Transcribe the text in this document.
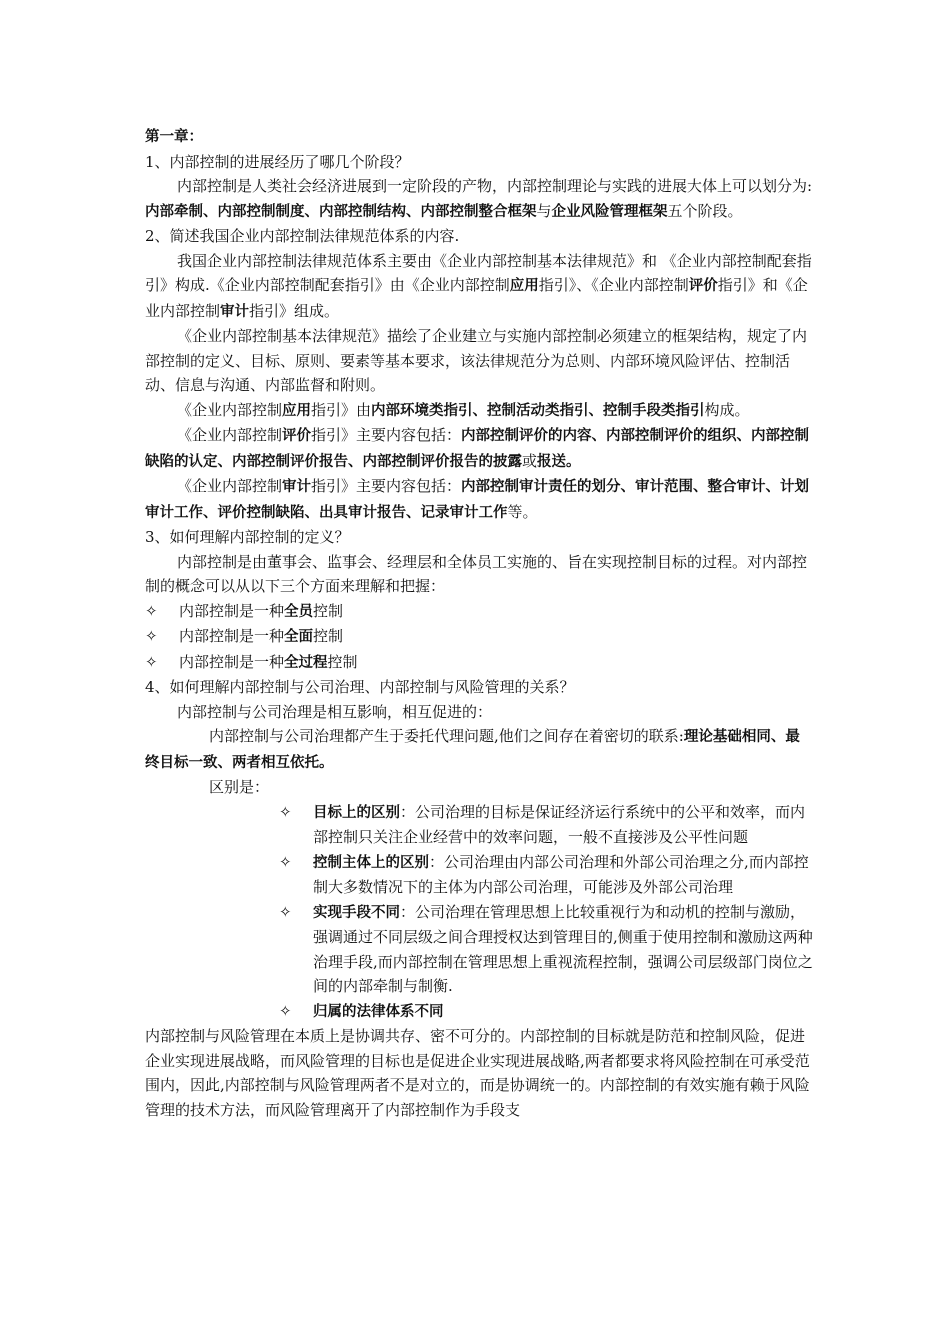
第一章：

1、内部控制的进展经历了哪几个阶段？

内部控制是人类社会经济进展到一定阶段的产物，内部控制理论与实践的进展大体上可以划分为:内部牵制、内部控制制度、内部控制结构、内部控制整合框架与企业风险管理框架五个阶段。

2、简述我国企业内部控制法律规范体系的内容.

我国企业内部控制法律规范体系主要由《企业内部控制基本法律规范》和 《企业内部控制配套指引》构成.《企业内部控制配套指引》由《企业内部控制应用指引》、《企业内部控制评价指引》和《企业内部控制审计指引》组成。

《企业内部控制基本法律规范》描绘了企业建立与实施内部控制必须建立的框架结构，规定了内部控制的定义、目标、原则、要素等基本要求，该法律规范分为总则、内部环境风险评估、控制活动、信息与沟通、内部监督和附则。

《企业内部控制应用指引》由内部环境类指引、控制活动类指引、控制手段类指引构成。

《企业内部控制评价指引》主要内容包括：内部控制评价的内容、内部控制评价的组织、内部控制缺陷的认定、内部控制评价报告、内部控制评价报告的披露或报送。

《企业内部控制审计指引》主要内容包括：内部控制审计责任的划分、审计范围、整合审计、计划审计工作、评价控制缺陷、出具审计报告、记录审计工作等。

3、如何理解内部控制的定义？

内部控制是由董事会、监事会、经理层和全体员工实施的、旨在实现控制目标的过程。对内部控制的概念可以从以下三个方面来理解和把握：

✧	内部控制是一种全员控制
✧	内部控制是一种全面控制
✧	内部控制是一种全过程控制

4、如何理解内部控制与公司治理、内部控制与风险管理的关系？

内部控制与公司治理是相互影响，相互促进的：

内部控制与公司治理都产生于委托代理问题,他们之间存在着密切的联系:理论基础相同、最终目标一致、两者相互依托。

区别是：

✧	目标上的区别：公司治理的目标是保证经济运行系统中的公平和效率，而内部控制只关注企业经营中的效率问题，一般不直接涉及公平性问题
✧	控制主体上的区别：公司治理由内部公司治理和外部公司治理之分,而内部控制大多数情况下的主体为内部公司治理，可能涉及外部公司治理
✧	实现手段不同：公司治理在管理思想上比较重视行为和动机的控制与激励，强调通过不同层级之间合理授权达到管理目的,侧重于使用控制和激励这两种治理手段,而内部控制在管理思想上重视流程控制，强调公司层级部门岗位之间的内部牵制与制衡.
✧	归属的法律体系不同

内部控制与风险管理在本质上是协调共存、密不可分的。内部控制的目标就是防范和控制风险，促进企业实现进展战略，而风险管理的目标也是促进企业实现进展战略,两者都要求将风险控制在可承受范围内，因此,内部控制与风险管理两者不是对立的，而是协调统一的。内部控制的有效实施有赖于风险管理的技术方法，而风险管理离开了内部控制作为手段支
